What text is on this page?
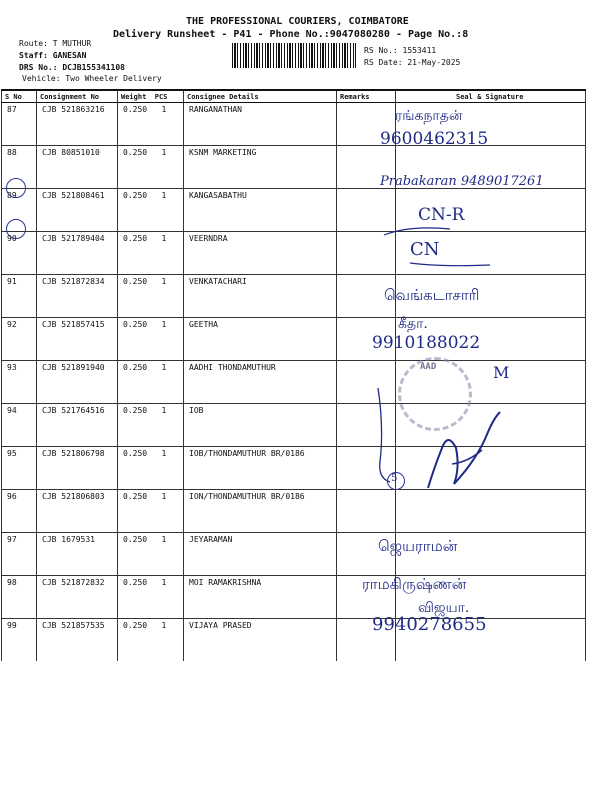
THE PROFESSIONAL COURIERS, COIMBATORE
Delivery Runsheet - P41 - Phone No.:9047080280 - Page No.:8
Route: T MUTHUR
Staff: GANESAN
DRS No.: DCJB155341108
Vehicle: Two Wheeler Delivery
RS No.: 1553411
RS Date: 21-May-2025
S No	Consignment No	Weight PCS	Consignee Details	Remarks	Seal & Signature
87	CJB 521863216	0.250 1	RANGANATHAN		
88	CJB 80851010	0.250 1	KSNM MARKETING		
89	CJB 521808461	0.250 1	KANGASABATHU		
90	CJB 521789404	0.250 1	VEERNDRA		
91	CJB 521872834	0.250 1	VENKATACHARI		
92	CJB 521857415	0.250 1	GEETHA		
93	CJB 521891940	0.250 1	AADHI THONDAMUTHUR		
94	CJB 521764516	0.250 1	IOB		
95	CJB 521806798	0.250 1	IOB/THONDAMUTHUR BR/0186		
96	CJB 521806803	0.250 1	ION/THONDAMUTHUR BR/0186		
97	CJB 1679531	0.250 1	JEYARAMAN		
98	CJB 521872832	0.250 1	MOI RAMAKRISHNA		
99	CJB 521857535	0.250 1	VIJAYA PRASED		
ரங்கநாதன்
9600462315
Prabakaran 9489017261
CN-R
CN
வெங்கடாசாரி
கீதா.
9910188022
AAD	M
5
ஜெயராமன்
ராமகிருஷ்ணன்
விஜயா.
9940278655
